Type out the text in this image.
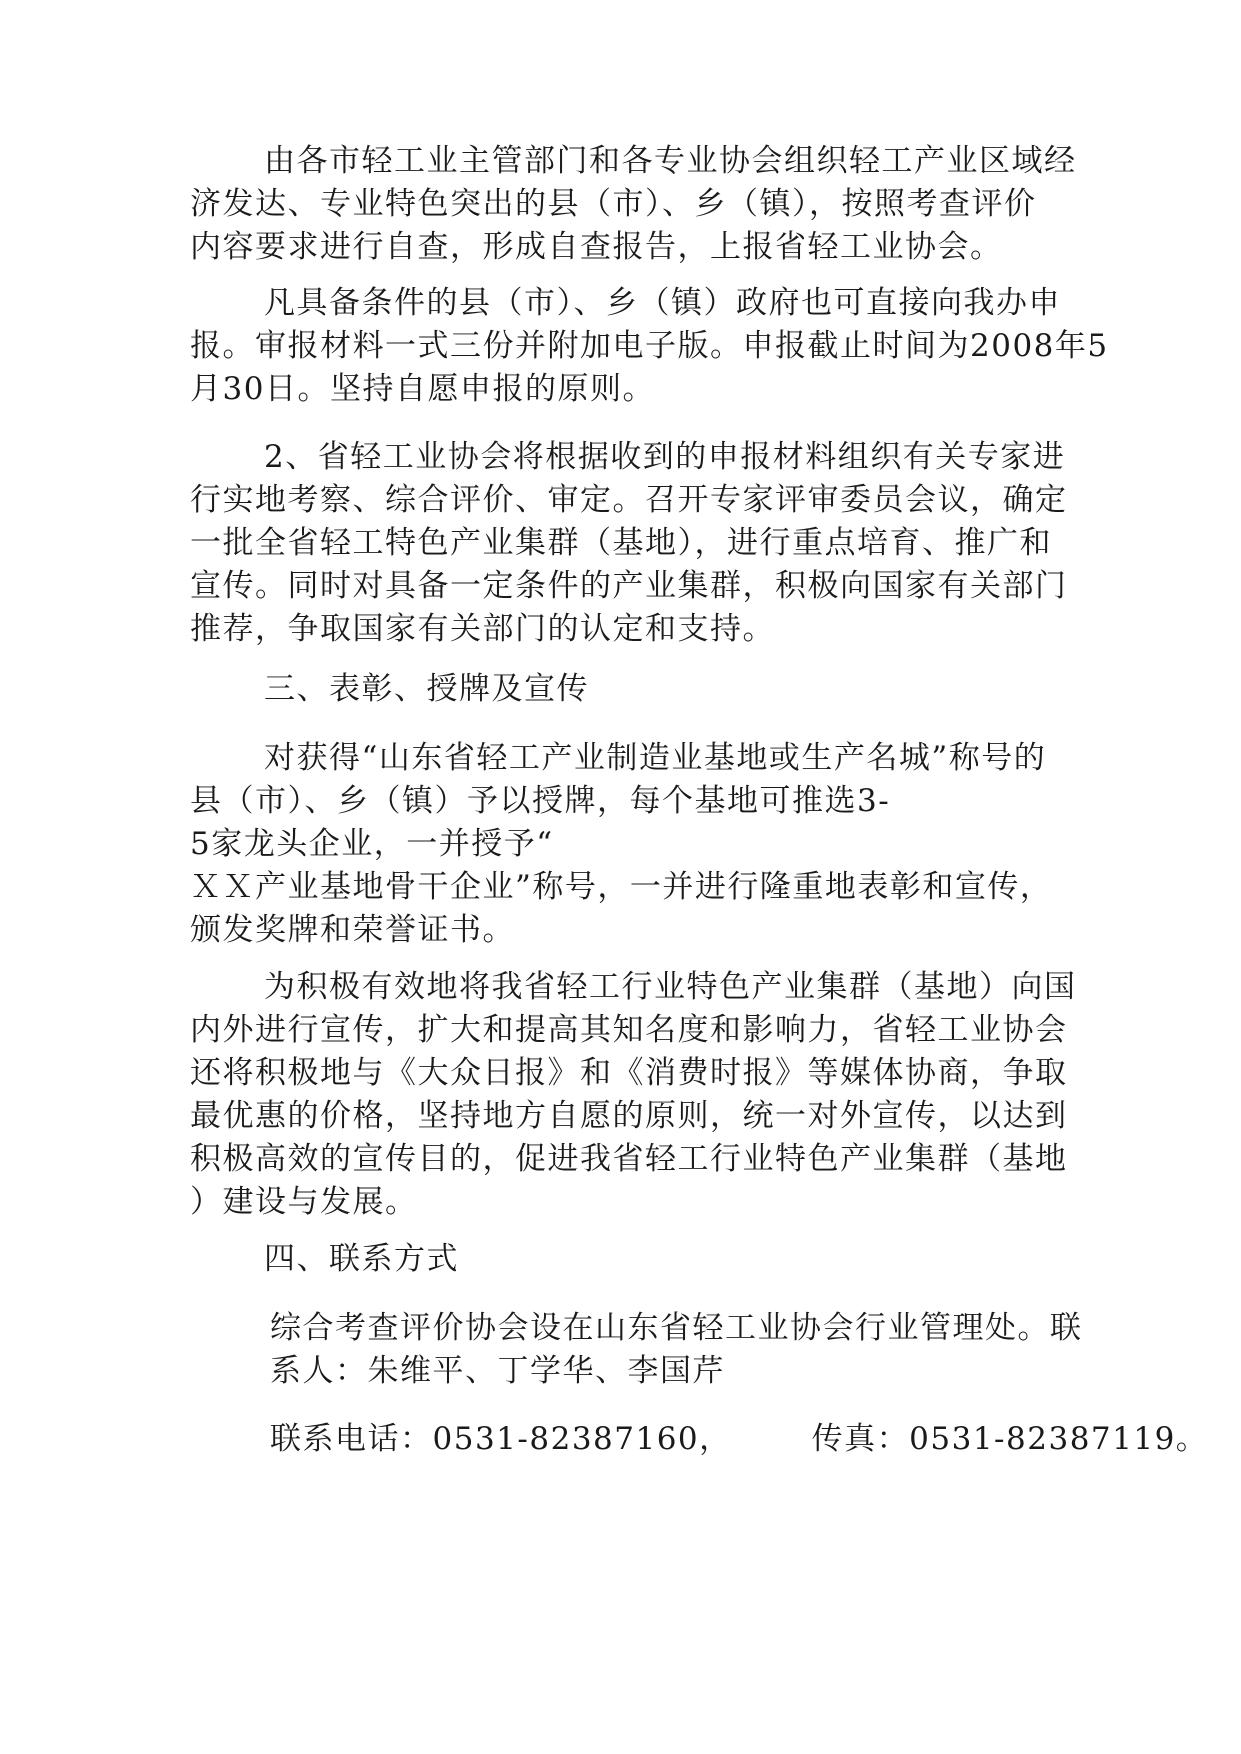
由各市轻工业主管部门和各专业协会组织轻工产业区域经
济发达、专业特色突出的县（市）、乡（镇），按照考查评价
内容要求进行自查，形成自查报告，上报省轻工业协会。
凡具备条件的县（市）、乡（镇）政府也可直接向我办申
报。审报材料一式三份并附加电子版。申报截止时间为2008年5
月30日。坚持自愿申报的原则。
2、省轻工业协会将根据收到的申报材料组织有关专家进
行实地考察、综合评价、审定。召开专家评审委员会议，确定
一批全省轻工特色产业集群（基地），进行重点培育、推广和
宣传。同时对具备一定条件的产业集群，积极向国家有关部门
推荐，争取国家有关部门的认定和支持。
三、表彰、授牌及宣传
对获得“山东省轻工产业制造业基地或生产名城”称号的
县（市）、乡（镇）予以授牌，每个基地可推选3-
5家龙头企业，一并授予“
ＸＸ产业基地骨干企业”称号，一并进行隆重地表彰和宣传，
颁发奖牌和荣誉证书。
为积极有效地将我省轻工行业特色产业集群（基地）向国
内外进行宣传，扩大和提高其知名度和影响力，省轻工业协会
还将积极地与《大众日报》和《消费时报》等媒体协商，争取
最优惠的价格，坚持地方自愿的原则，统一对外宣传，以达到
积极高效的宣传目的，促进我省轻工行业特色产业集群（基地
）建设与发展。
四、联系方式
综合考查评价协会设在山东省轻工业协会行业管理处。联
系人：朱维平、丁学华、李国芹
联系电话：0531-82387160，	传真：0531-82387119。
